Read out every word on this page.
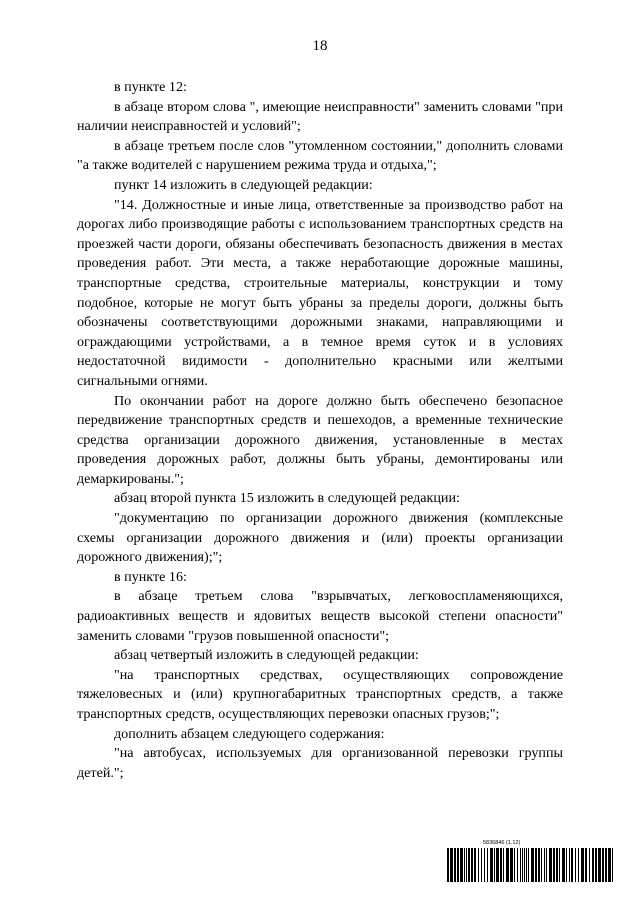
18

в пункте 12:

в абзаце втором слова ", имеющие неисправности" заменить словами "при наличии неисправностей и условий";

в абзаце третьем после слов "утомленном состоянии," дополнить словами "а также водителей с нарушением режима труда и отдыха,";

пункт 14 изложить в следующей редакции:

"14. Должностные и иные лица, ответственные за производство работ на дорогах либо производящие работы с использованием транспортных средств на проезжей части дороги, обязаны обеспечивать безопасность движения в местах проведения работ. Эти места, а также неработающие дорожные машины, транспортные средства, строительные материалы, конструкции и тому подобное, которые не могут быть убраны за пределы дороги, должны быть обозначены соответствующими дорожными знаками, направляющими и ограждающими устройствами, а в темное время суток и в условиях недостаточной видимости - дополнительно красными или желтыми сигнальными огнями.

По окончании работ на дороге должно быть обеспечено безопасное передвижение транспортных средств и пешеходов, а временные технические средства организации дорожного движения, установленные в местах проведения дорожных работ, должны быть убраны, демонтированы или демаркированы.";

абзац второй пункта 15 изложить в следующей редакции:

"документацию по организации дорожного движения (комплексные схемы организации дорожного движения и (или) проекты организации дорожного движения);";

в пункте 16:

в абзаце третьем слова "взрывчатых, легковоспламеняющихся, радиоактивных веществ и ядовитых веществ высокой степени опасности" заменить словами "грузов повышенной опасности";

абзац четвертый изложить в следующей редакции:

"на транспортных средствах, осуществляющих сопровождение тяжеловесных и (или) крупногабаритных транспортных средств, а также транспортных средств, осуществляющих перевозки опасных грузов;";

дополнить абзацем следующего содержания:

"на автобусах, используемых для организованной перевозки группы детей.";

5836846 (1.12)
